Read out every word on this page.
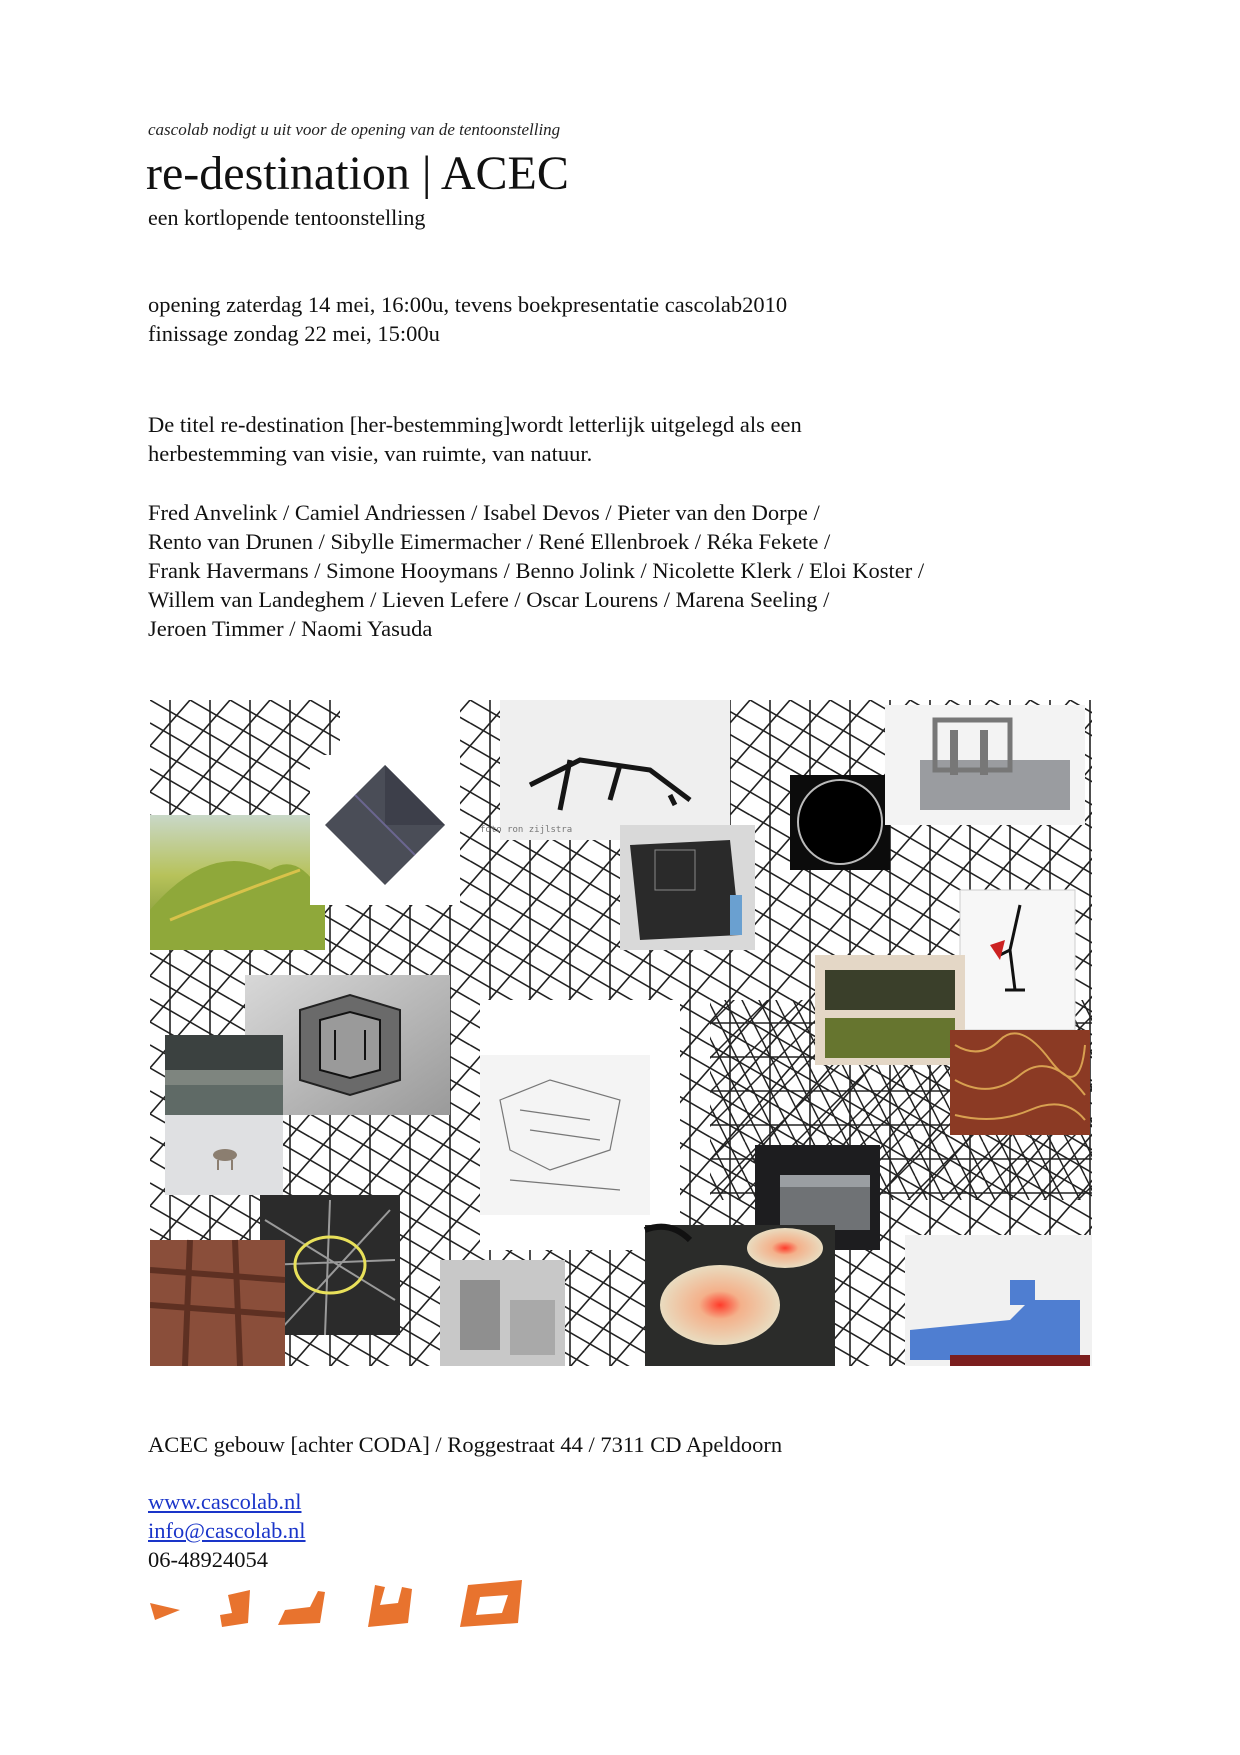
cascolab nodigt u uit voor de opening van de tentoonstelling
re-destination | ACEC
een kortlopende tentoonstelling
opening zaterdag 14 mei, 16:00u, tevens boekpresentatie cascolab2010
finissage zondag 22 mei, 15:00u
De titel re-destination [her-bestemming]wordt letterlijk uitgelegd als een
herbestemming van visie, van ruimte, van natuur.
Fred Anvelink / Camiel Andriessen / Isabel Devos / Pieter van den Dorpe /
Rento van Drunen / Sibylle Eimermacher / René Ellenbroek / Réka Fekete /
Frank Havermans / Simone Hooymans / Benno Jolink / Nicolette Klerk / Eloi Koster /
Willem van Landeghem / Lieven Lefere / Oscar Lourens / Marena Seeling /
Jeroen Timmer / Naomi Yasuda
foto ron zijlstra
ACEC gebouw [achter CODA] / Roggestraat 44 / 7311 CD Apeldoorn
www.cascolab.nl
info@cascolab.nl
06-48924054
